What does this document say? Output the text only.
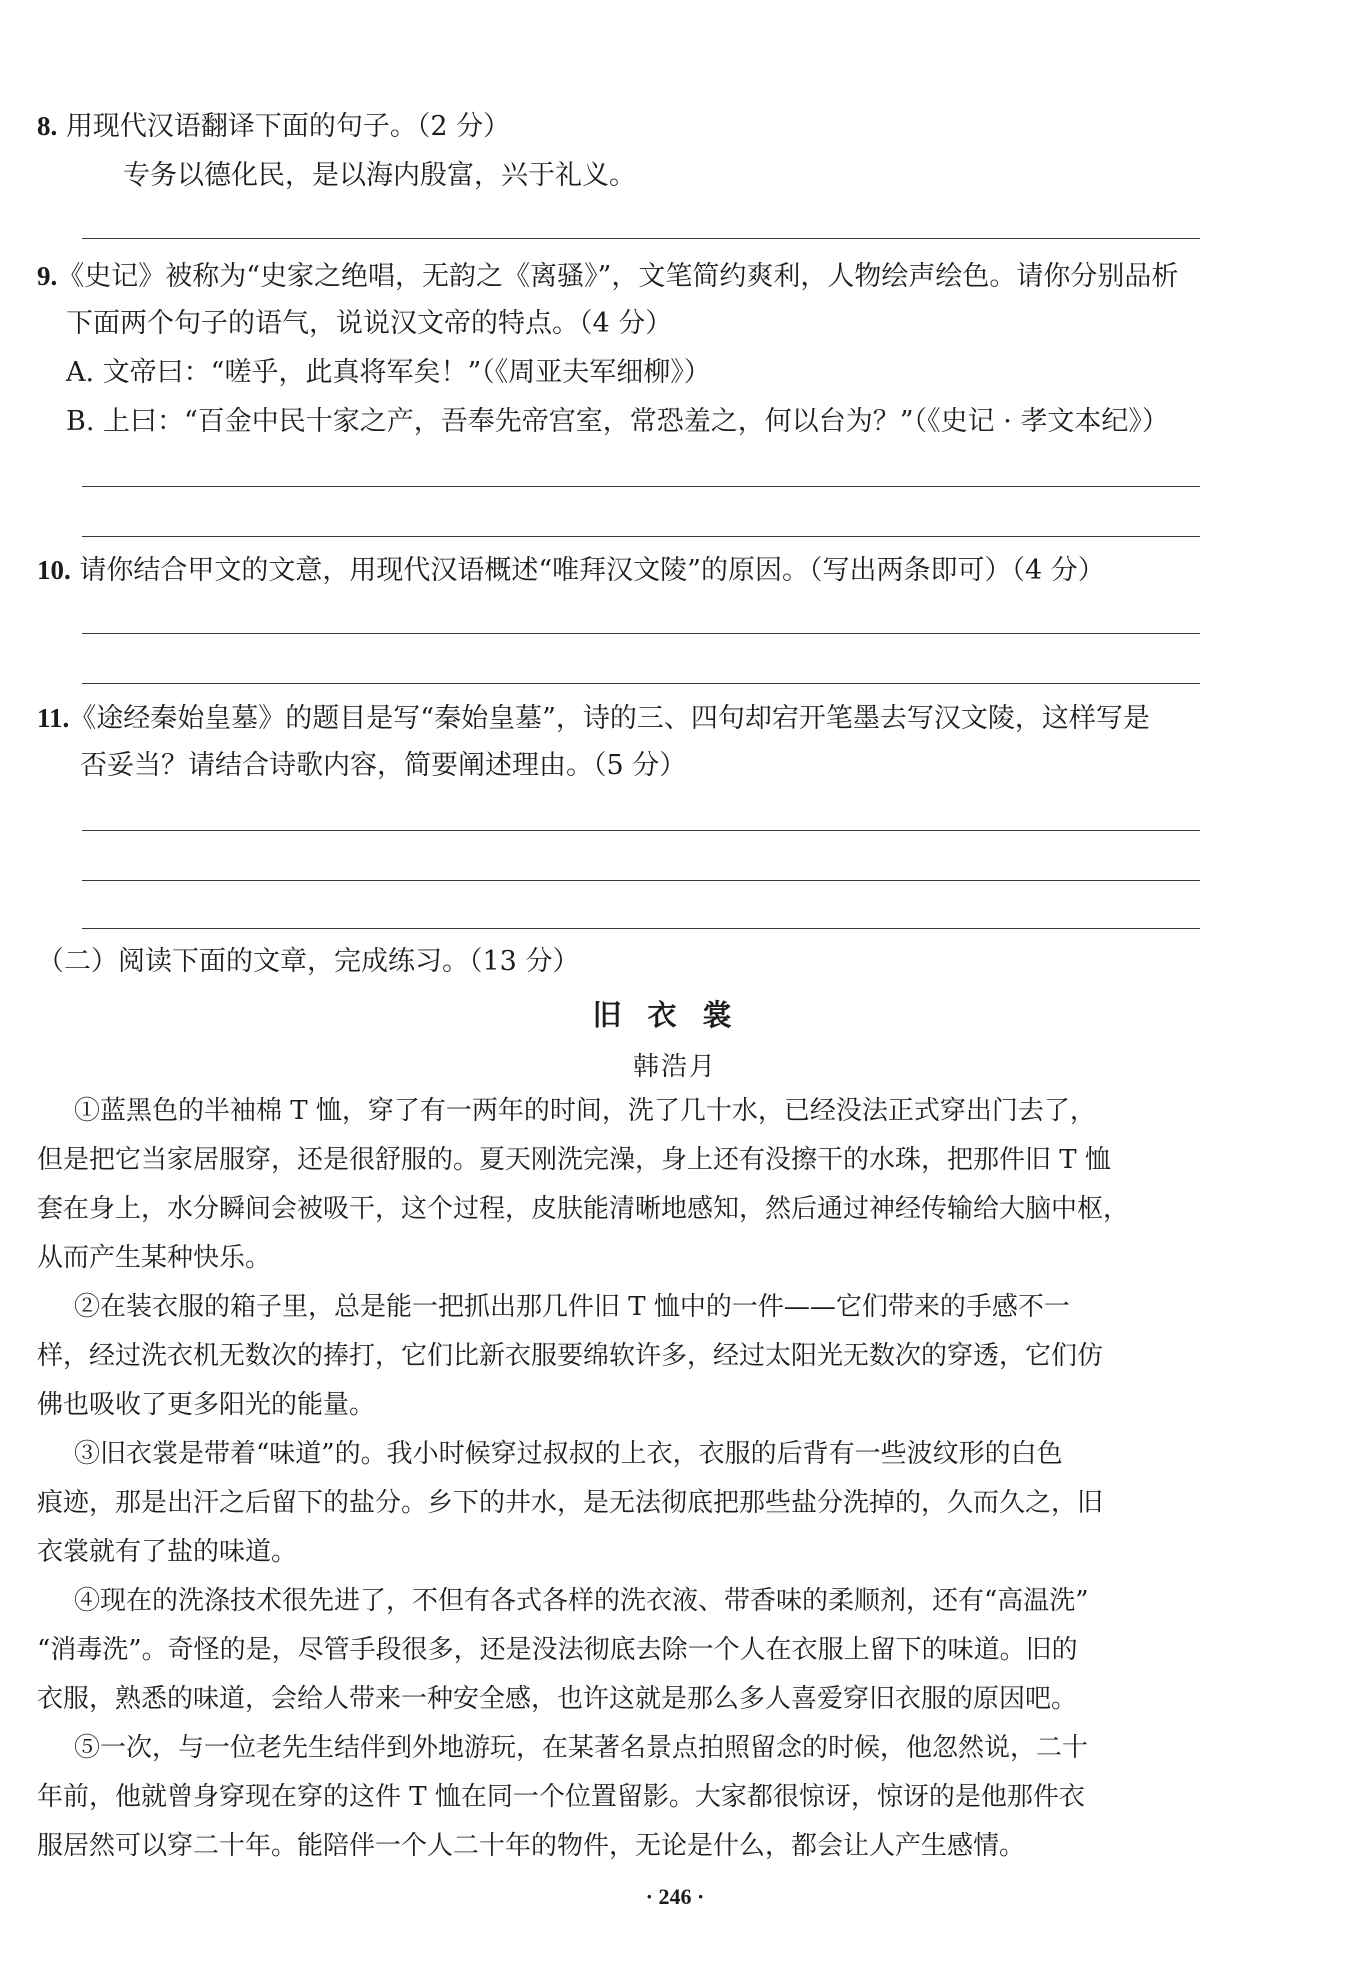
8. 用现代汉语翻译下面的句子。（2 分）
专务以德化民，是以海内殷富，兴于礼义。
9.《史记》被称为“史家之绝唱，无韵之《离骚》”，文笔简约爽利，人物绘声绘色。请你分别品析
下面两个句子的语气，说说汉文帝的特点。（4 分）
A. 文帝曰：“嗟乎，此真将军矣！”（《周亚夫军细柳》）
B. 上曰：“百金中民十家之产，吾奉先帝宫室，常恐羞之，何以台为？”（《史记 · 孝文本纪》）
10. 请你结合甲文的文意，用现代汉语概述“唯拜汉文陵”的原因。（写出两条即可）（4 分）
11.《途经秦始皇墓》的题目是写“秦始皇墓”，诗的三、四句却宕开笔墨去写汉文陵，这样写是
否妥当？请结合诗歌内容，简要阐述理由。（5 分）
（二）阅读下面的文章，完成练习。（13 分）
旧衣裳
韩浩月
①蓝黑色的半袖棉 T 恤，穿了有一两年的时间，洗了几十水，已经没法正式穿出门去了，
但是把它当家居服穿，还是很舒服的。夏天刚洗完澡，身上还有没擦干的水珠，把那件旧 T 恤
套在身上，水分瞬间会被吸干，这个过程，皮肤能清晰地感知，然后通过神经传输给大脑中枢，
从而产生某种快乐。
②在装衣服的箱子里，总是能一把抓出那几件旧 T 恤中的一件——它们带来的手感不一
样，经过洗衣机无数次的捧打，它们比新衣服要绵软许多，经过太阳光无数次的穿透，它们仿
佛也吸收了更多阳光的能量。
③旧衣裳是带着“味道”的。我小时候穿过叔叔的上衣，衣服的后背有一些波纹形的白色
痕迹，那是出汗之后留下的盐分。乡下的井水，是无法彻底把那些盐分洗掉的，久而久之，旧
衣裳就有了盐的味道。
④现在的洗涤技术很先进了，不但有各式各样的洗衣液、带香味的柔顺剂，还有“高温洗”
“消毒洗”。奇怪的是，尽管手段很多，还是没法彻底去除一个人在衣服上留下的味道。旧的
衣服，熟悉的味道，会给人带来一种安全感，也许这就是那么多人喜爱穿旧衣服的原因吧。
⑤一次，与一位老先生结伴到外地游玩，在某著名景点拍照留念的时候，他忽然说，二十
年前，他就曾身穿现在穿的这件 T 恤在同一个位置留影。大家都很惊讶，惊讶的是他那件衣
服居然可以穿二十年。能陪伴一个人二十年的物件，无论是什么，都会让人产生感情。
· 246 ·
